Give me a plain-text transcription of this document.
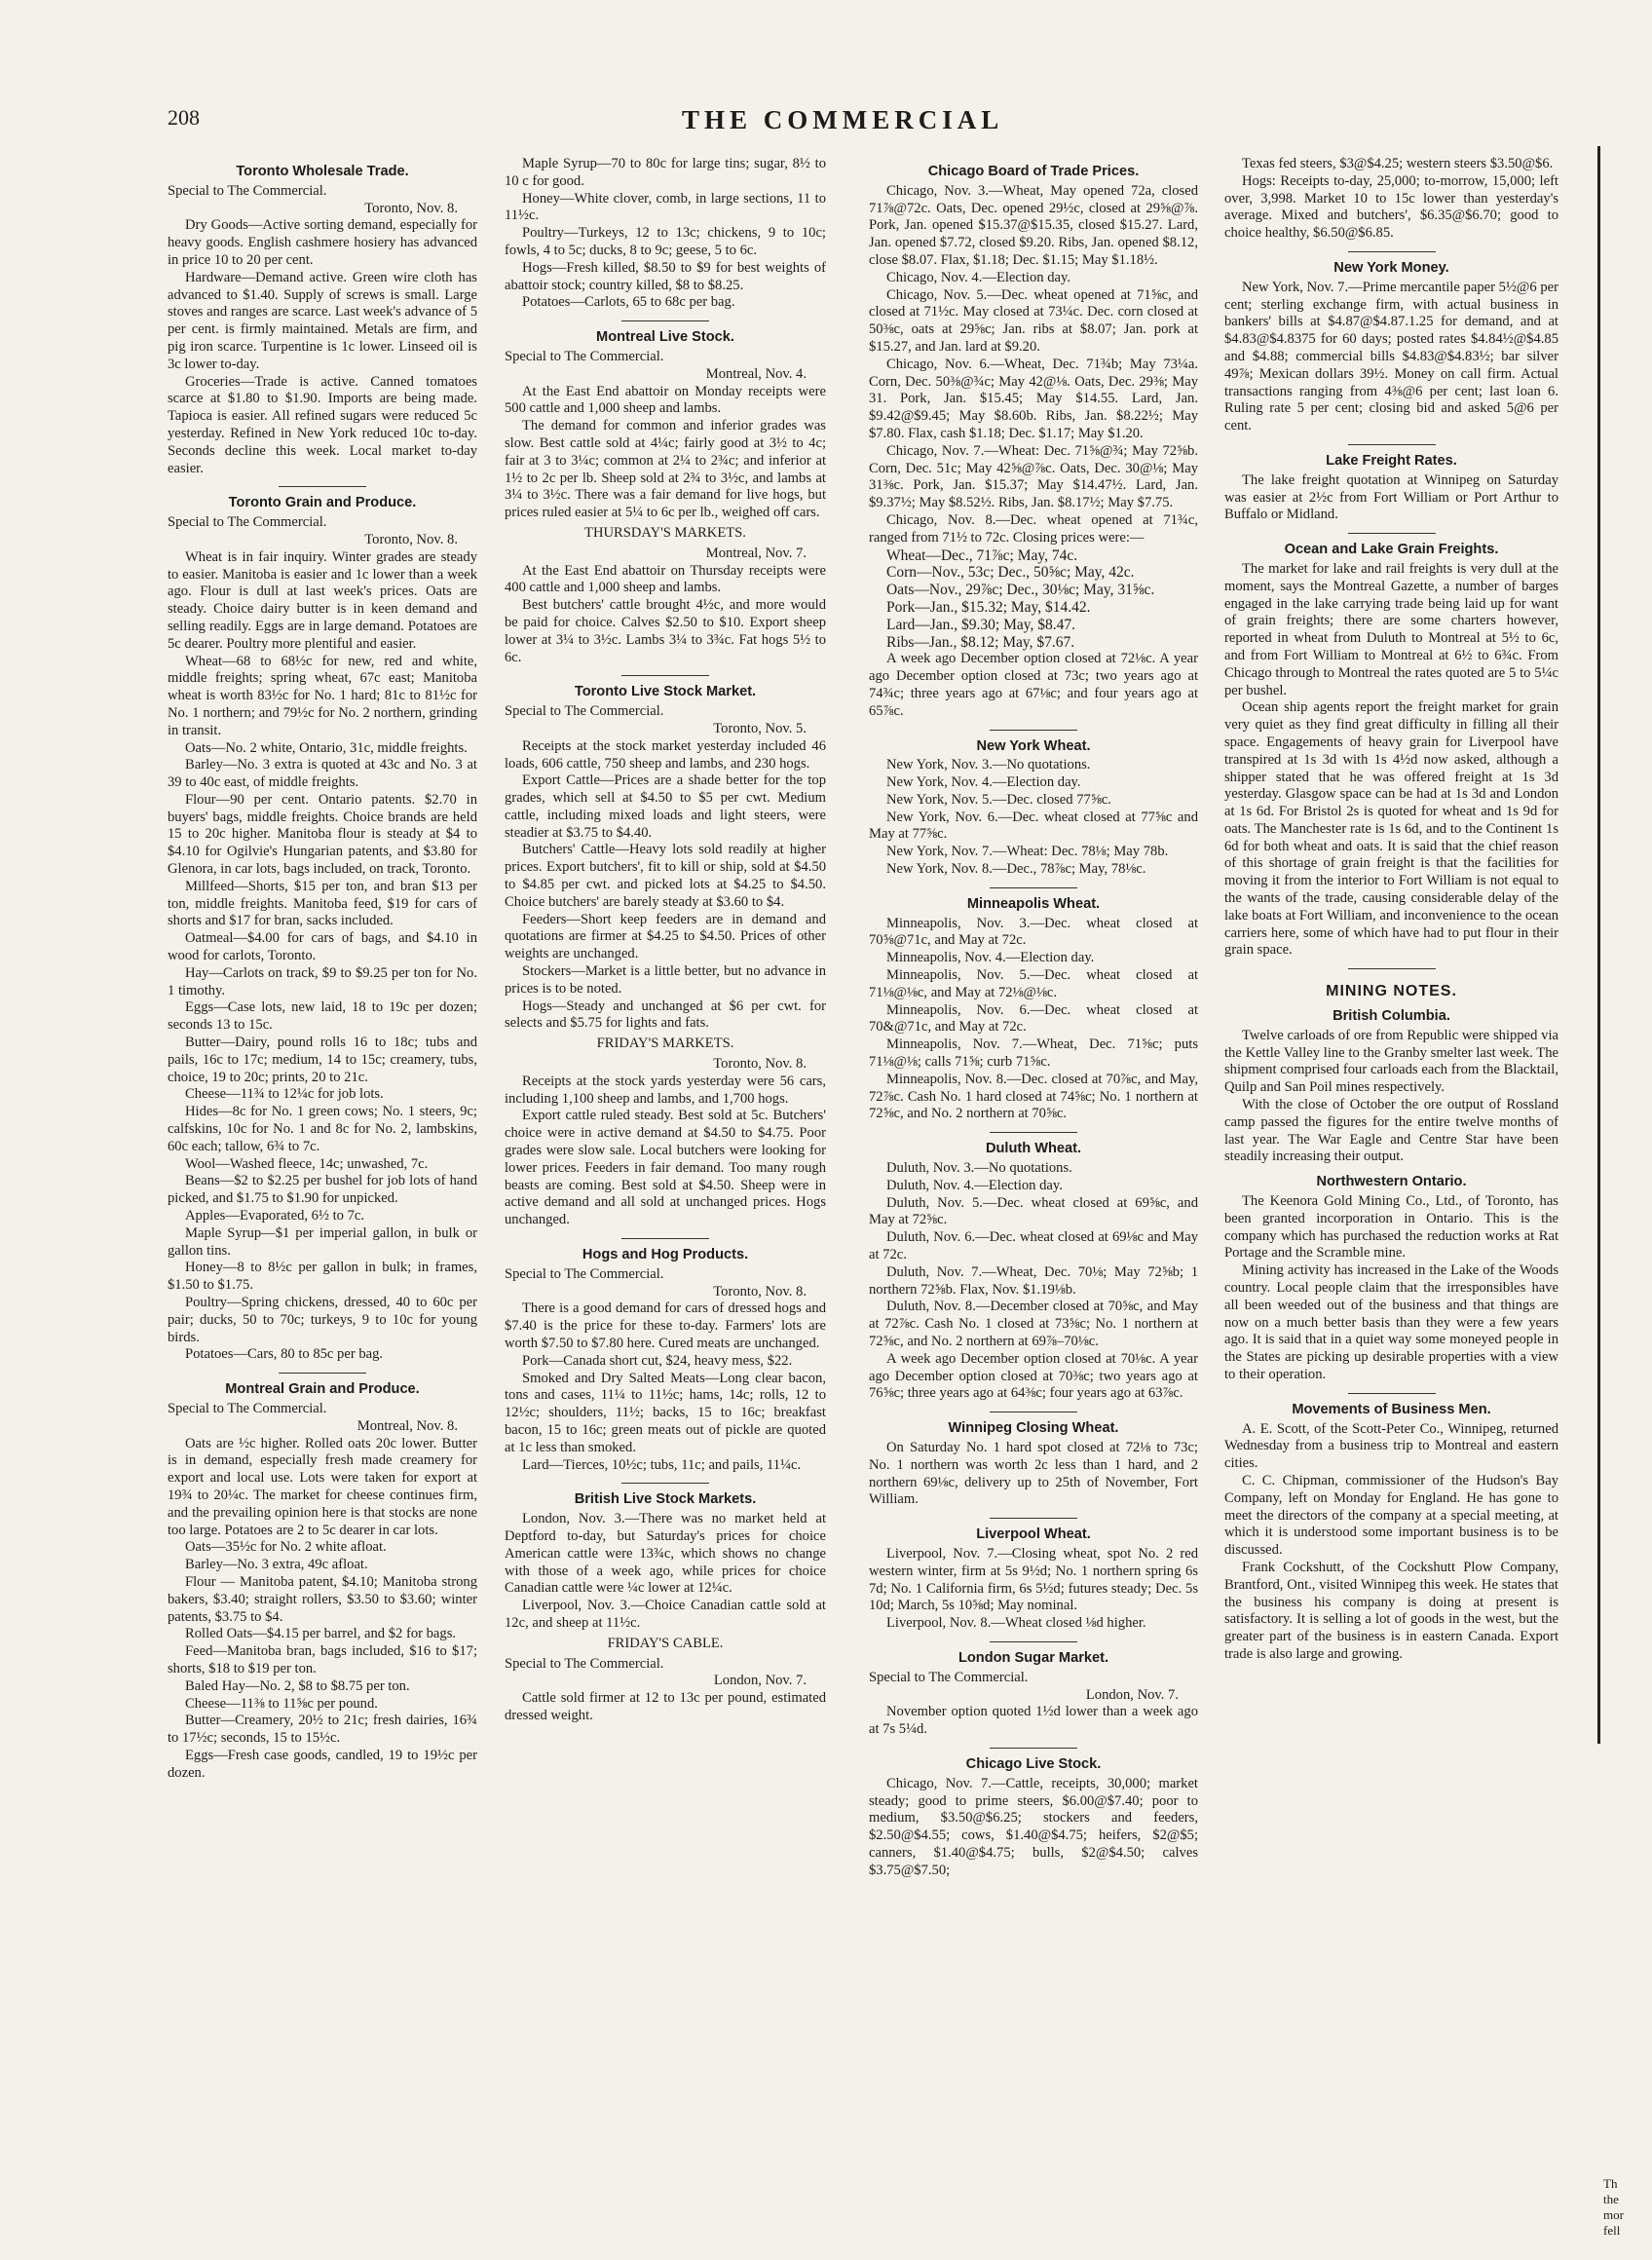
208	THE COMMERCIAL
Toronto Wholesale Trade.
Special to The Commercial.
Toronto, Nov. 8.
Dry Goods—Active sorting demand, especially for heavy goods. English cashmere hosiery has advanced in price 10 to 20 per cent.
Hardware—Demand active. Green wire cloth has advanced to $1.40. Supply of screws is small. Large stoves and ranges are scarce. Last week's advance of 5 per cent. is firmly maintained. Metals are firm, and pig iron scarce. Turpentine is 1c lower. Linseed oil is 3c lower to-day.
Groceries—Trade is active. Canned tomatoes scarce at $1.80 to $1.90. Imports are being made. Tapioca is easier. All refined sugars were reduced 5c yesterday. Refined in New York reduced 10c to-day. Seconds decline this week. Local market to-day easier.
Toronto Grain and Produce.
Special to The Commercial.
Toronto, Nov. 8.
Wheat is in fair inquiry. Winter grades are steady to easier. Manitoba is easier and 1c lower than a week ago. Flour is dull at last week's prices. Oats are steady. Choice dairy butter is in keen demand and selling readily. Eggs are in large demand. Potatoes are 5c dearer. Poultry more plentiful and easier.
Wheat—68 to 68½c for new, red and white, middle freights; spring wheat, 67c east; Manitoba wheat is worth 83½c for No. 1 hard; 81c to 81½c for No. 1 northern; and 79½c for No. 2 northern, grinding in transit.
Oats—No. 2 white, Ontario, 31c, middle freights.
Barley—No. 3 extra is quoted at 43c and No. 3 at 39 to 40c east, of middle freights.
Flour—90 per cent. Ontario patents. $2.70 in buyers' bags, middle freights. Choice brands are held 15 to 20c higher. Manitoba flour is steady at $4 to $4.10 for Ogilvie's Hungarian patents, and $3.80 for Glenora, in car lots, bags included, on track, Toronto.
Millfeed—Shorts, $15 per ton, and bran $13 per ton, middle freights. Manitoba feed, $19 for cars of shorts and $17 for bran, sacks included.
Oatmeal—$4.00 for cars of bags, and $4.10 in wood for carlots, Toronto.
Hay—Carlots on track, $9 to $9.25 per ton for No. 1 timothy.
Eggs—Case lots, new laid, 18 to 19c per dozen; seconds 13 to 15c.
Butter—Dairy, pound rolls 16 to 18c; tubs and pails, 16c to 17c; medium, 14 to 15c; creamery, tubs, choice, 19 to 20c; prints, 20 to 21c.
Cheese—11¾ to 12¼c for job lots.
Hides—8c for No. 1 green cows; No. 1 steers, 9c; calfskins, 10c for No. 1 and 8c for No. 2, lambskins, 60c each; tallow, 6¾ to 7c.
Wool—Washed fleece, 14c; unwashed, 7c.
Beans—$2 to $2.25 per bushel for job lots of hand picked, and $1.75 to $1.90 for unpicked.
Apples—Evaporated, 6½ to 7c.
Maple Syrup—$1 per imperial gallon, in bulk or gallon tins.
Honey—8 to 8½c per gallon in bulk; in frames, $1.50 to $1.75.
Poultry—Spring chickens, dressed, 40 to 60c per pair; ducks, 50 to 70c; turkeys, 9 to 10c for young birds.
Potatoes—Cars, 80 to 85c per bag.
Montreal Grain and Produce.
Special to The Commercial.
Montreal, Nov. 8.
Oats are ½c higher. Rolled oats 20c lower. Butter is in demand, especially fresh made creamery for export and local use. Lots were taken for export at 19¾ to 20¼c. The market for cheese continues firm, and the prevailing opinion here is that stocks are none too large. Potatoes are 2 to 5c dearer in car lots.
Oats—35½c for No. 2 white afloat.
Barley—No. 3 extra, 49c afloat.
Flour — Manitoba patent, $4.10; Manitoba strong bakers, $3.40; straight rollers, $3.50 to $3.60; winter patents, $3.75 to $4.
Rolled Oats—$4.15 per barrel, and $2 for bags.
Feed—Manitoba bran, bags included, $16 to $17; shorts, $18 to $19 per ton.
Baled Hay—No. 2, $8 to $8.75 per ton.
Cheese—11⅜ to 11⅝c per pound.
Butter—Creamery, 20½ to 21c; fresh dairies, 16¾ to 17½c; seconds, 15 to 15½c.
Eggs—Fresh case goods, candled, 19 to 19½c per dozen.
Maple Syrup—70 to 80c for large tins; sugar, 8½ to 10 c for good.
Honey—White clover, comb, in large sections, 11 to 11½c.
Poultry—Turkeys, 12 to 13c; chickens, 9 to 10c; fowls, 4 to 5c; ducks, 8 to 9c; geese, 5 to 6c.
Hogs—Fresh killed, $8.50 to $9 for best weights of abattoir stock; country killed, $8 to $8.25.
Potatoes—Carlots, 65 to 68c per bag.
Montreal Live Stock.
Special to The Commercial.
Montreal, Nov. 4.
At the East End abattoir on Monday receipts were 500 cattle and 1,000 sheep and lambs.
The demand for common and inferior grades was slow. Best cattle sold at 4¼c; fairly good at 3½ to 4c; fair at 3 to 3¼c; common at 2¼ to 2¾c; and inferior at 1½ to 2c per lb. Sheep sold at 2¾ to 3½c, and lambs at 3¼ to 3½c. There was a fair demand for live hogs, but prices ruled easier at 5¼ to 6c per lb., weighed off cars.
THURSDAY'S MARKETS.
Montreal, Nov. 7.
At the East End abattoir on Thursday receipts were 400 cattle and 1,000 sheep and lambs.
Best butchers' cattle brought 4½c, and more would be paid for choice. Calves $2.50 to $10. Export sheep lower at 3¼ to 3½c. Lambs 3¼ to 3¾c. Fat hogs 5½ to 6c.
Toronto Live Stock Market.
Special to The Commercial.
Toronto, Nov. 5.
Receipts at the stock market yesterday included 46 loads, 606 cattle, 750 sheep and lambs, and 230 hogs.
Export Cattle—Prices are a shade better for the top grades, which sell at $4.50 to $5 per cwt. Medium cattle, including mixed loads and light steers, were steadier at $3.75 to $4.40.
Butchers' Cattle—Heavy lots sold readily at higher prices. Export butchers', fit to kill or ship, sold at $4.50 to $4.85 per cwt. and picked lots at $4.25 to $4.50. Choice butchers' are barely steady at $3.60 to $4.
Feeders—Short keep feeders are in demand and quotations are firmer at $4.25 to $4.50. Prices of other weights are unchanged.
Stockers—Market is a little better, but no advance in prices is to be noted.
Hogs—Steady and unchanged at $6 per cwt. for selects and $5.75 for lights and fats.
FRIDAY'S MARKETS.
Toronto, Nov. 8.
Receipts at the stock yards yesterday were 56 cars, including 1,100 sheep and lambs, and 1,700 hogs.
Export cattle ruled steady. Best sold at 5c. Butchers' choice were in active demand at $4.50 to $4.75. Poor grades were slow sale. Local butchers were looking for lower prices. Feeders in fair demand. Too many rough beasts are coming. Best sold at $4.50. Sheep were in active demand and all sold at unchanged prices. Hogs unchanged.
Hogs and Hog Products.
Special to The Commercial.
Toronto, Nov. 8.
There is a good demand for cars of dressed hogs and $7.40 is the price for these to-day. Farmers' lots are worth $7.50 to $7.80 here. Cured meats are unchanged.
Pork—Canada short cut, $24, heavy mess, $22.
Smoked and Dry Salted Meats—Long clear bacon, tons and cases, 11¼ to 11½c; hams, 14c; rolls, 12 to 12½c; shoulders, 11½; backs, 15 to 16c; breakfast bacon, 15 to 16c; green meats out of pickle are quoted at 1c less than smoked.
Lard—Tierces, 10½c; tubs, 11c; and pails, 11¼c.
British Live Stock Markets.
London, Nov. 3.—There was no market held at Deptford to-day, but Saturday's prices for choice American cattle were 13¾c, which shows no change with those of a week ago, while prices for choice Canadian cattle were ¼c lower at 12¼c.
Liverpool, Nov. 3.—Choice Canadian cattle sold at 12c, and sheep at 11½c.
FRIDAY'S CABLE.
Special to The Commercial.
London, Nov. 7.
Cattle sold firmer at 12 to 13c per pound, estimated dressed weight.
Chicago Board of Trade Prices.
Chicago, Nov. 3.—Wheat, May opened 72a, closed 71⅞@72c. Oats, Dec. opened 29½c, closed at 29⅝@⅞. Pork, Jan. opened $15.37@$15.35, closed $15.27. Lard, Jan. opened $7.72, closed $9.20. Ribs, Jan. opened $8.12, close $8.07. Flax, $1.18; Dec. $1.15; May $1.18½.
Chicago, Nov. 4.—Election day.
Chicago, Nov. 5.—Dec. wheat opened at 71⅝c, and closed at 71½c. May closed at 73¼c. Dec. corn closed at 50⅜c, oats at 29⅝c; Jan. ribs at $8.07; Jan. pork at $15.27, and Jan. lard at $9.20.
Chicago, Nov. 6.—Wheat, Dec. 71¾b; May 73¼a. Corn, Dec. 50⅜@¾c; May 42@⅛. Oats, Dec. 29⅜; May 31. Pork, Jan. $15.45; May $14.55. Lard, Jan. $9.42@$9.45; May $8.60b. Ribs, Jan. $8.22½; May $7.80. Flax, cash $1.18; Dec. $1.17; May $1.20.
Chicago, Nov. 7.—Wheat: Dec. 71⅝@¾; May 72⅝b. Corn, Dec. 51c; May 42⅝@⅞c. Oats, Dec. 30@⅛; May 31⅜c. Pork, Jan. $15.37; May $14.47½. Lard, Jan. $9.37½; May $8.52½. Ribs, Jan. $8.17½; May $7.75.
Chicago, Nov. 8.—Dec. wheat opened at 71¾c, ranged from 71½ to 72c. Closing prices were:—
Wheat—Dec., 71⅞c; May, 74c.
Corn—Nov., 53c; Dec., 50⅝c; May, 42c.
Oats—Nov., 29⅞c; Dec., 30⅛c; May, 31⅝c.
Pork—Jan., $15.32; May, $14.42.
Lard—Jan., $9.30; May, $8.47.
Ribs—Jan., $8.12; May, $7.67.
A week ago December option closed at 72⅛c. A year ago December option closed at 73c; two years ago at 74¾c; three years ago at 67⅛c; and four years ago at 65⅞c.
New York Wheat.
New York, Nov. 3.—No quotations.
New York, Nov. 4.—Election day.
New York, Nov. 5.—Dec. closed 77⅝c.
New York, Nov. 6.—Dec. wheat closed at 77⅝c and May at 77⅝c.
New York, Nov. 7.—Wheat: Dec. 78⅛; May 78b.
New York, Nov. 8.—Dec., 78⅞c; May, 78⅛c.
Minneapolis Wheat.
Minneapolis, Nov. 3.—Dec. wheat closed at 70⅝@71c, and May at 72c.
Minneapolis, Nov. 4.—Election day.
Minneapolis, Nov. 5.—Dec. wheat closed at 71⅛@⅛c, and May at 72⅛@⅛c.
Minneapolis, Nov. 6.—Dec. wheat closed at 70&@71c, and May at 72c.
Minneapolis, Nov. 7.—Wheat, Dec. 71⅝c; puts 71⅛@⅛; calls 71⅝; curb 71⅝c.
Minneapolis, Nov. 8.—Dec. closed at 70⅞c, and May, 72⅞c. Cash No. 1 hard closed at 74⅝c; No. 1 northern at 72⅝c, and No. 2 northern at 70⅝c.
Duluth Wheat.
Duluth, Nov. 3.—No quotations.
Duluth, Nov. 4.—Election day.
Duluth, Nov. 5.—Dec. wheat closed at 69⅝c, and May at 72⅝c.
Duluth, Nov. 6.—Dec. wheat closed at 69⅛c and May at 72c.
Duluth, Nov. 7.—Wheat, Dec. 70⅛; May 72⅝b; 1 northern 72⅝b. Flax, Nov. $1.19⅛b.
Duluth, Nov. 8.—December closed at 70⅝c, and May at 72⅞c. Cash No. 1 closed at 73⅝c; No. 1 northern at 72⅝c, and No. 2 northern at 69⅞–70⅛c.
A week ago December option closed at 70⅛c. A year ago December option closed at 70⅜c; two years ago at 76⅝c; three years ago at 64⅜c; four years ago at 63⅞c.
Winnipeg Closing Wheat.
On Saturday No. 1 hard spot closed at 72⅛ to 73c; No. 1 northern was worth 2c less than 1 hard, and 2 northern 69⅛c, delivery up to 25th of November, Fort William.
Liverpool Wheat.
Liverpool, Nov. 7.—Closing wheat, spot No. 2 red western winter, firm at 5s 9½d; No. 1 northern spring 6s 7d; No. 1 California firm, 6s 5½d; futures steady; Dec. 5s 10d; March, 5s 10⅝d; May nominal.
Liverpool, Nov. 8.—Wheat closed ⅛d higher.
London Sugar Market.
Special to The Commercial.
London, Nov. 7.
November option quoted 1½d lower than a week ago at 7s 5¼d.
Chicago Live Stock.
Chicago, Nov. 7.—Cattle, receipts, 30,000; market steady; good to prime steers, $6.00@$7.40; poor to medium, $3.50@$6.25; stockers and feeders, $2.50@$4.55; cows, $1.40@$4.75; heifers, $2@$5; canners, $1.40@$4.75; bulls, $2@$4.50; calves $3.75@$7.50;
Texas fed steers, $3@$4.25; western steers $3.50@$6.
Hogs: Receipts to-day, 25,000; to-morrow, 15,000; left over, 3,998. Market 10 to 15c lower than yesterday's average. Mixed and butchers', $6.35@$6.70; good to choice healthy, $6.50@$6.85.
New York Money.
New York, Nov. 7.—Prime mercantile paper 5½@6 per cent; sterling exchange firm, with actual business in bankers' bills at $4.87@$4.87.1.25 for demand, and at $4.83@$4.8375 for 60 days; posted rates $4.84½@$4.85 and $4.88; commercial bills $4.83@$4.83½; bar silver 49⅞; Mexican dollars 39½. Money on call firm. Actual transactions ranging from 4⅜@6 per cent; last loan 6. Ruling rate 5 per cent; closing bid and asked 5@6 per cent.
Lake Freight Rates.
The lake freight quotation at Winnipeg on Saturday was easier at 2½c from Fort William or Port Arthur to Buffalo or Midland.
Ocean and Lake Grain Freights.
The market for lake and rail freights is very dull at the moment, says the Montreal Gazette, a number of barges engaged in the lake carrying trade being laid up for want of grain freights; there are some charters however, reported in wheat from Duluth to Montreal at 5½ to 6c, and from Fort William to Montreal at 6½ to 6¾c. From Chicago through to Montreal the rates quoted are 5 to 5¼c per bushel.
Ocean ship agents report the freight market for grain very quiet as they find great difficulty in filling all their space. Engagements of heavy grain for Liverpool have transpired at 1s 3d with 1s 4½d now asked, although a shipper stated that he was offered freight at 1s 3d yesterday. Glasgow space can be had at 1s 3d and London at 1s 6d. For Bristol 2s is quoted for wheat and 1s 9d for oats. The Manchester rate is 1s 6d, and to the Continent 1s 6d for both wheat and oats. It is said that the chief reason of this shortage of grain freight is that the facilities for moving it from the interior to Fort William is not equal to the wants of the trade, causing considerable delay of the lake boats at Fort William, and inconvenience to the ocean carriers here, some of which have had to put flour in their grain space.
MINING NOTES.
British Columbia.
Twelve carloads of ore from Republic were shipped via the Kettle Valley line to the Granby smelter last week. The shipment comprised four carloads each from the Blacktail, Quilp and San Poil mines respectively.
With the close of October the ore output of Rossland camp passed the figures for the entire twelve months of last year. The War Eagle and Centre Star have been steadily increasing their output.
Northwestern Ontario.
The Keenora Gold Mining Co., Ltd., of Toronto, has been granted incorporation in Ontario. This is the company which has purchased the reduction works at Rat Portage and the Scramble mine.
Mining activity has increased in the Lake of the Woods country. Local people claim that the irresponsibles have all been weeded out of the business and that things are now on a much better basis than they were a few years ago. It is said that in a quiet way some moneyed people in the States are picking up desirable properties with a view to their operation.
Movements of Business Men.
A. E. Scott, of the Scott-Peter Co., Winnipeg, returned Wednesday from a business trip to Montreal and eastern cities.
C. C. Chipman, commissioner of the Hudson's Bay Company, left on Monday for England. He has gone to meet the directors of the company at a special meeting, at which it is understood some important business is to be discussed.
Frank Cockshutt, of the Cockshutt Plow Company, Brantford, Ont., visited Winnipeg this week. He states that the business his company is doing at present is satisfactory. It is selling a lot of goods in the west, but the greater part of the business is in eastern Canada. Export trade is also large and growing.
Th
the
mor
fell
